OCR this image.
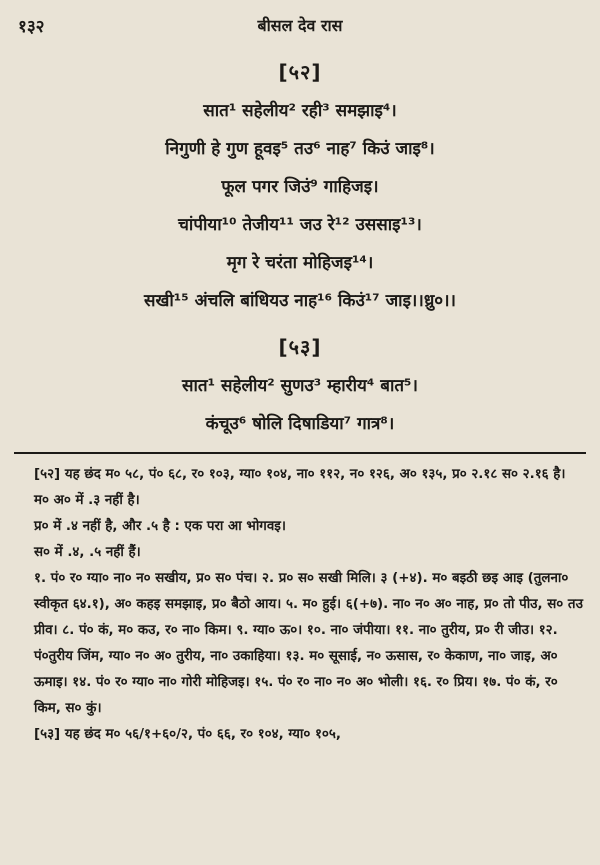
१३२	बीसल देव रास
[५२]
सात¹ सहेलीय² रही³ समझाइ⁴।
निगुणी हे गुण हूवइ⁵ तउ⁶ नाह⁷ किउं जाइ⁸।
फूल पगर जिउं⁹ गाहिजइ।
चांपीया¹⁰ तेजीय¹¹ जउ रे¹² उससाइ¹³।
मृग रे चरंता मोहिजइ¹⁴।
सखी¹⁵ अंचलि बांधियउ नाह¹⁶ किउं¹⁷ जाइ।।ध्रु०।।
[५३]
सात¹ सहेलीय² सुणउ³ म्हारीय⁴ बात⁵।
कंचूउ⁶ षोलि दिषाडिया⁷ गात्र⁸।

[५२] यह छंद म० ५८, पं० ६८, र० १०३, ग्या० १०४, ना० ११२, न० १२६, अ० १३५, प्र० २.१८ स० २.१६ है।

म० अ० में .३ नहीं है।

प्र० में .४ नहीं है, और .५ है : एक परा आ भोगवइ।

स० में .४, .५ नहीं हैं।

१. पं० र० ग्या० ना० न० सखीय, प्र० स० पंच। २. प्र० स० सखी मिलि। ३ (+४). म० बइठी छइ आइ (तुलना० स्वीकृत ६४.१), अ० कहइ समझाइ, प्र० बैठो आय। ५. म० हुई। ६(+७). ना० न० अ० नाह, प्र० तो पीउ, स० तउ प्रीव। ८. पं० कं, म० कउ, र० ना० किम। ९. ग्या० ऊ०। १०. ना० जंपीया। ११. ना० तुरीय, प्र० री जीउ। १२. पं०तुरीय जिंम, ग्या० न० अ० तुरीय, ना० उकाहिया। १३. म० सूसाई, न० ऊसास, र० केकाण, ना० जाइ, अ० ऊमाइ। १४. पं० र० ग्या० ना० गोरी मोहिजइ। १५. पं० र० ना० न० अ० भोली। १६. र० प्रिय। १७. पं० कं, र० किम, स० कुं।

[५३] यह छंद म० ५६/१+६०/२, पं० ६६, र० १०४, ग्या० १०५,
